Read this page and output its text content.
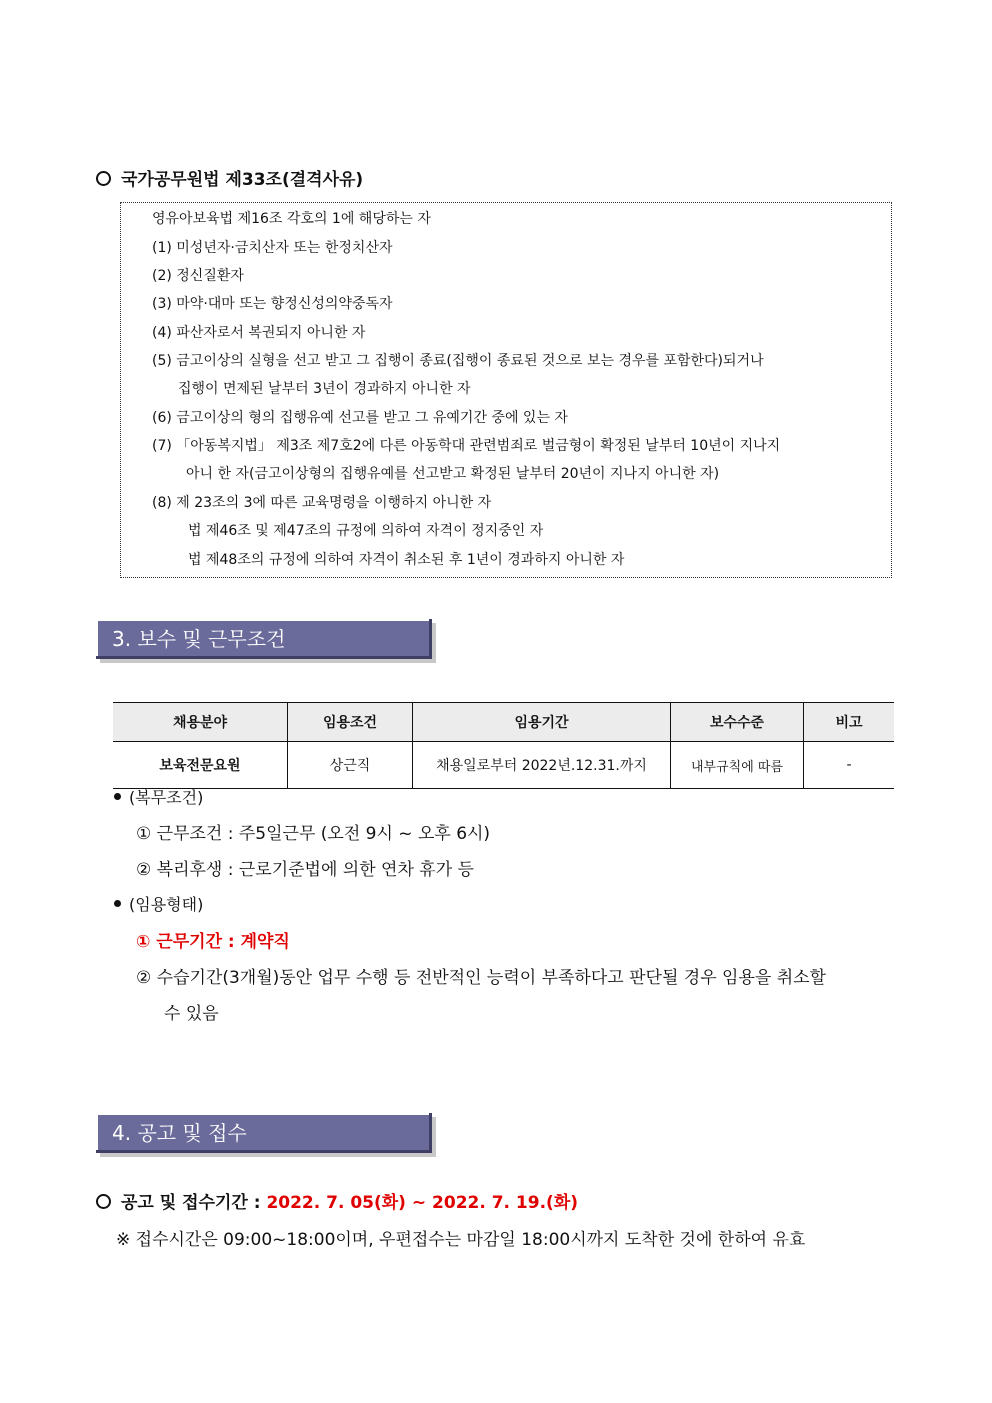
국가공무원법 제33조(결격사유)
영유아보육법 제16조 각호의 1에 해당하는 자
(1) 미성년자·금치산자 또는 한정치산자
(2) 정신질환자
(3) 마약·대마 또는 향정신성의약중독자
(4) 파산자로서 복권되지 아니한 자
(5) 금고이상의 실형을 선고 받고 그 집행이 종료(집행이 종료된 것으로 보는 경우를 포함한다)되거나
집행이 면제된 날부터 3년이 경과하지 아니한 자
(6) 금고이상의 형의 집행유예 선고를 받고 그 유예기간 중에 있는 자
(7) 「아동복지법」 제3조 제7호2에 다른 아동학대 관련범죄로 벌금형이 확정된 날부터 10년이 지나지
아니 한 자(금고이상형의 집행유예를 선고받고 확정된 날부터 20년이 지나지 아니한 자)
(8) 제 23조의 3에 따른 교육명령을 이행하지 아니한 자
법 제46조 및 제47조의 규정에 의하여 자격이 정지중인 자
법 제48조의 규정에 의하여 자격이 취소된 후 1년이 경과하지 아니한 자
3. 보수 및 근무조건
채용분야	임용조건	임용기간	보수수준	비고
보육전문요원	상근직	채용일로부터 2022년.12.31.까지	내부규칙에 따름	-
(복무조건)
① 근무조건 : 주5일근무 (오전 9시 ~ 오후 6시)
② 복리후생 : 근로기준법에 의한 연차 휴가 등
(임용형태)
① 근무기간 : 계약직
② 수습기간(3개월)동안 업무 수행 등 전반적인 능력이 부족하다고 판단될 경우 임용을 취소할
수 있음
4. 공고 및 접수
공고 및 접수기간 : 2022. 7. 05(화) ~ 2022. 7. 19.(화)
※ 접수시간은 09:00~18:00이며, 우편접수는 마감일 18:00시까지 도착한 것에 한하여 유효
